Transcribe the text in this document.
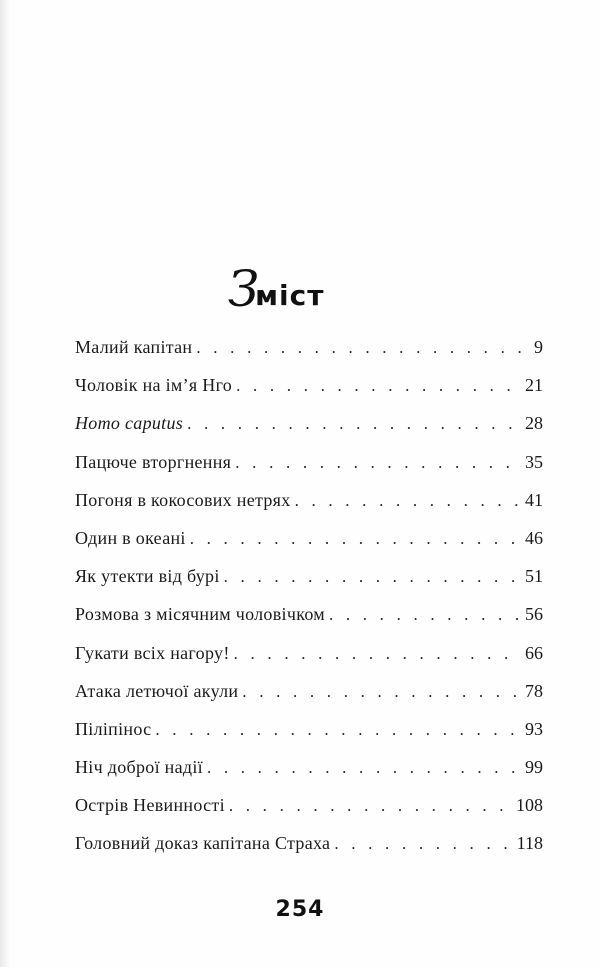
З
міст
Малий капітан . . .	9
Чоловік на ім’я Нго . . .	21
Homo caputus . . .	28
Пацюче вторгнення . . .	35
Погоня в кокосових нетрях . . .	41
Один в океані . . .	46
Як утекти від бурі . . .	51
Розмова з місячним чоловічком . . .	56
Гукати всіх нагору! . . .	66
Атака летючої акули . . .	78
Пiлiпiнос . . .	93
Ніч доброї надії . . .	99
Острів Невинності . . .	108
Головний доказ капітана Страха . . .	118
254
